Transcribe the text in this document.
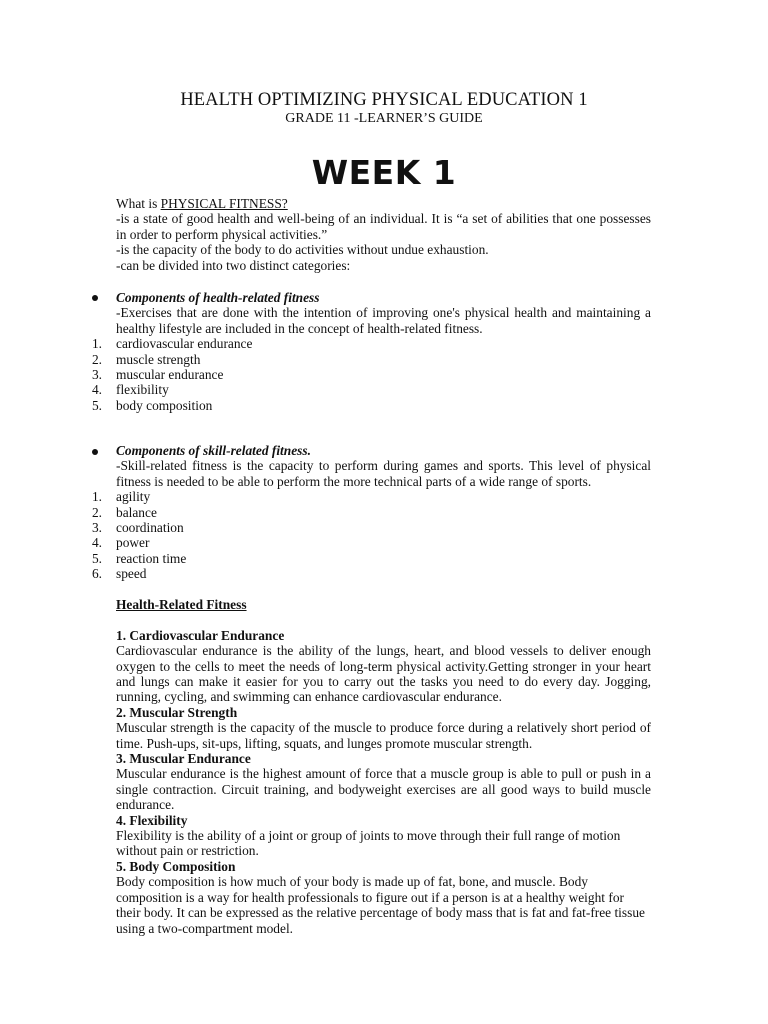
HEALTH OPTIMIZING PHYSICAL EDUCATION 1
GRADE 11 -LEARNER’S GUIDE
WEEK 1

What is PHYSICAL FITNESS?

-is a state of good health and well-being of an individual. It is “a set of abilities that one possesses in order to perform physical activities.”

-is the capacity of the body to do activities without undue exhaustion.

-can be divided into two distinct categories:

Components of health-related fitness

-Exercises that are done with the intention of improving one's physical health and maintaining a healthy lifestyle are included in the concept of health-related fitness.

1. cardiovascular endurance
2. muscle strength
3. muscular endurance
4. flexibility
5. body composition

Components of skill-related fitness.

-Skill-related fitness is the capacity to perform during games and sports. This level of physical fitness is needed to be able to perform the more technical parts of a wide range of sports.

1. agility
2. balance
3. coordination
4. power
5. reaction time
6. speed

Health-Related Fitness

1. Cardiovascular Endurance

Cardiovascular endurance is the ability of the lungs, heart, and blood vessels to deliver enough oxygen to the cells to meet the needs of long-term physical activity.Getting stronger in your heart and lungs can make it easier for you to carry out the tasks you need to do every day. Jogging, running, cycling, and swimming can enhance cardiovascular endurance.

2. Muscular Strength

Muscular strength is the capacity of the muscle to produce force during a relatively short period of time. Push-ups, sit-ups, lifting, squats, and lunges promote muscular strength.

3. Muscular Endurance

Muscular endurance is the highest amount of force that a muscle group is able to pull or push in a single contraction. Circuit training, and bodyweight exercises are all good ways to build muscle endurance.

4. Flexibility

Flexibility is the ability of a joint or group of joints to move through their full range of motion without pain or restriction.

5. Body Composition

Body composition is how much of your body is made up of fat, bone, and muscle. Body composition is a way for health professionals to figure out if a person is at a healthy weight for their body. It can be expressed as the relative percentage of body mass that is fat and fat-free tissue using a two-compartment model.
